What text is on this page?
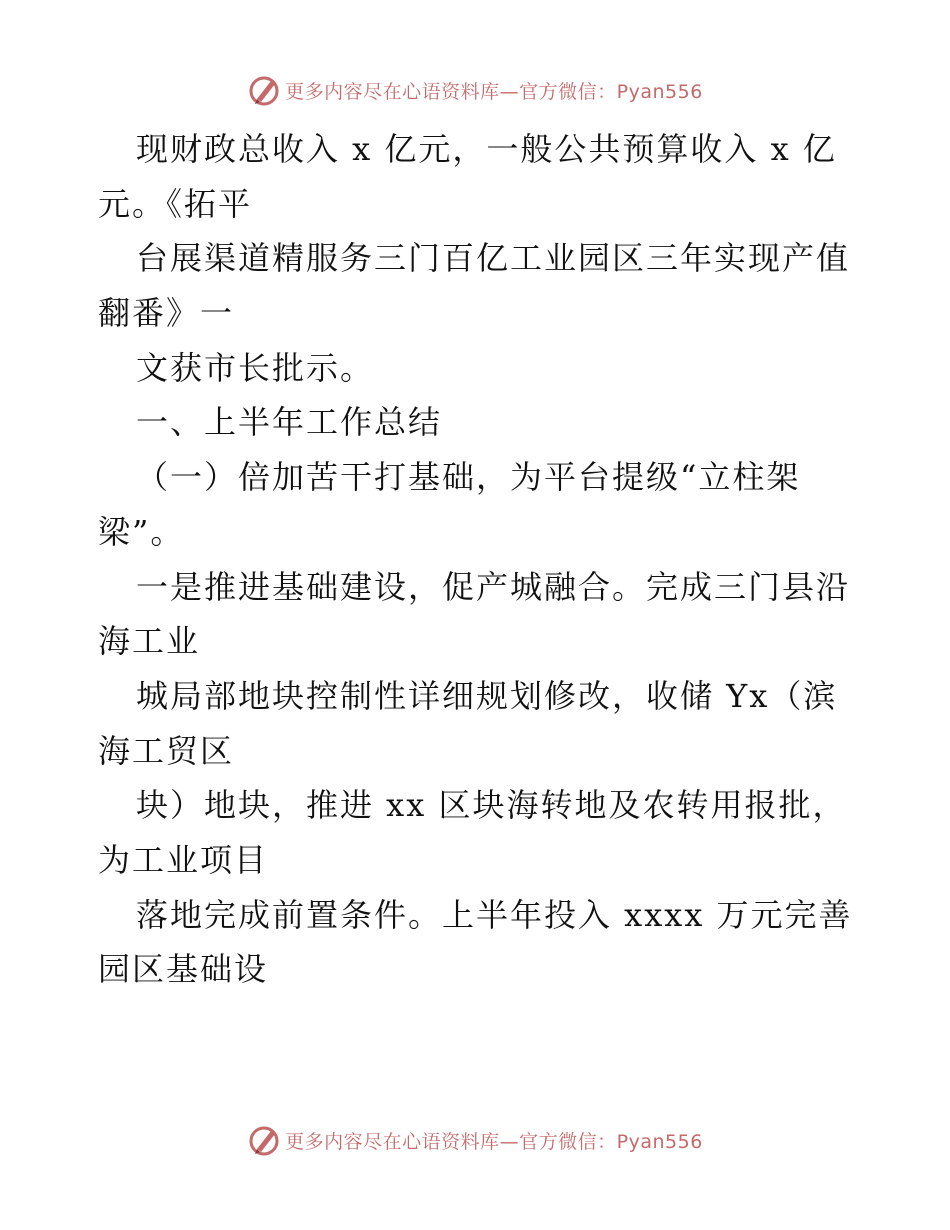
更多内容尽在心语资料库—官方微信：Pyan556
现财政总收入 x 亿元，一般公共预算收入 x 亿
元。《拓平
台展渠道精服务三门百亿工业园区三年实现产值
翻番》一
文获市长批示。
一、上半年工作总结
（一）倍加苦干打基础，为平台提级“立柱架
梁”。
一是推进基础建设，促产城融合。完成三门县沿
海工业
城局部地块控制性详细规划修改，收储 Yx（滨
海工贸区
块）地块，推进 xx 区块海转地及农转用报批，
为工业项目
落地完成前置条件。上半年投入 xxxx 万元完善
园区基础设
更多内容尽在心语资料库—官方微信：Pyan556
